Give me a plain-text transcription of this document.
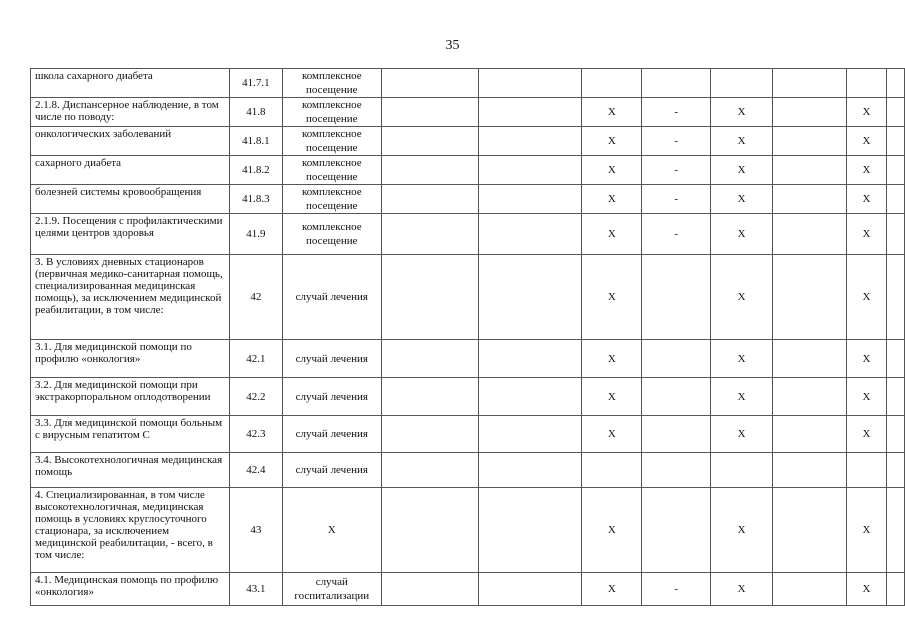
35
школа сахарного диабета	41.7.1	комплексное посещение								
2.1.8. Диспансерное наблюдение, в том числе по поводу:	41.8	комплексное посещение			X	-	X		X	
онкологических заболеваний	41.8.1	комплексное посещение			X	-	X		X	
сахарного диабета	41.8.2	комплексное посещение			X	-	X		X	
болезней системы кровообращения	41.8.3	комплексное посещение			X	-	X		X	
2.1.9. Посещения с профилактическими целями центров здоровья	41.9	комплексное посещение			X	-	X		X	
3. В условиях дневных стационаров (первичная медико-санитарная помощь, специализированная медицинская помощь), за исключением медицинской реабилитации, в том числе:	42	случай лечения			X		X		X	
3.1. Для медицинской помощи по профилю «онкология»	42.1	случай лечения			X		X		X	
3.2. Для медицинской помощи при экстракорпоральном оплодотворении	42.2	случай лечения			X		X		X	
3.3. Для медицинской помощи больным с вирусным гепатитом С	42.3	случай лечения			X		X		X	
3.4. Высокотехнологичная медицинская помощь	42.4	случай лечения								
4. Специализированная, в том числе высокотехнологичная, медицинская помощь в условиях круглосуточного стационара, за исключением медицинской реабилитации, - всего, в том числе:	43	X			X		X		X	
4.1. Медицинская помощь по профилю «онкология»	43.1	случай госпитализации			X	-	X		X	
